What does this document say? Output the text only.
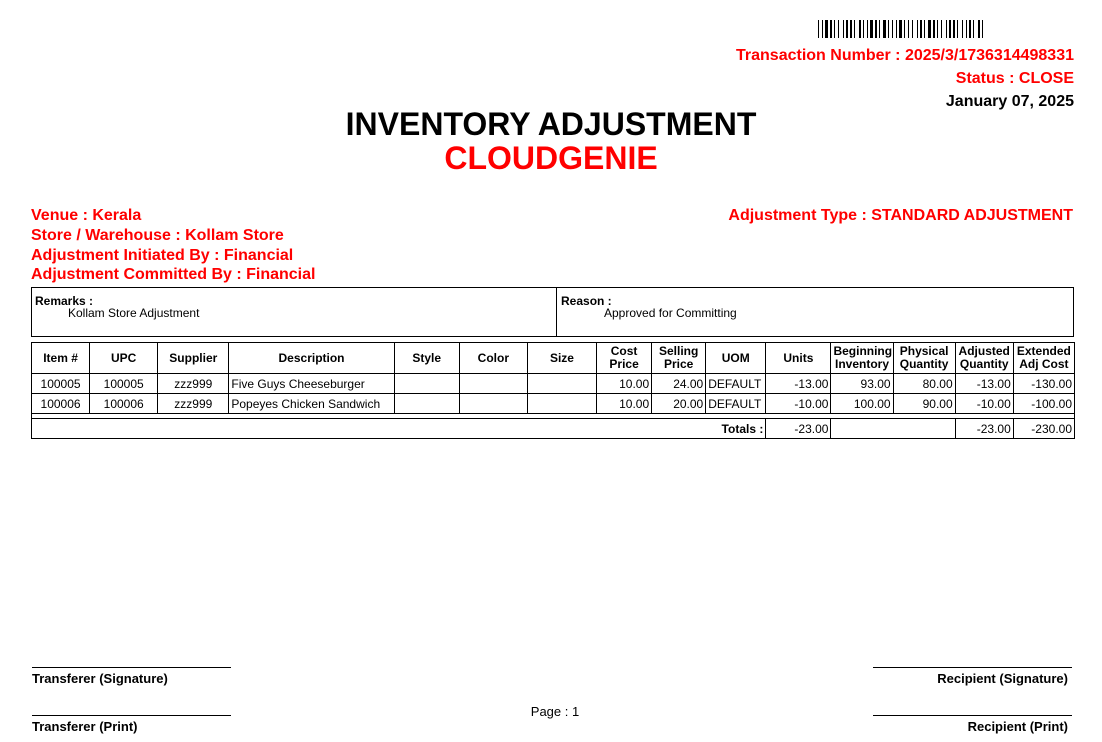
Transaction Number : 2025/3/1736314498331
Status : CLOSE
January 07, 2025
INVENTORY ADJUSTMENT
CLOUDGENIE
Venue : Kerala
Store / Warehouse : Kollam Store
Adjustment Initiated By : Financial
Adjustment Committed By : Financial
Adjustment Type : STANDARD ADJUSTMENT
Remarks :
Kollam Store Adjustment
Reason :
Approved for Committing
Item #	UPC	Supplier	Description	Style	Color	Size	Cost Price	Selling Price	UOM	Units	Beginning Inventory	Physical Quantity	Adjusted Quantity	Extended Adj Cost
100005	100005	zzz999	Five Guys Cheeseburger				10.00	24.00	DEFAULT	-13.00	93.00	80.00	-13.00	-130.00
100006	100006	zzz999	Popeyes Chicken Sandwich				10.00	20.00	DEFAULT	-10.00	100.00	90.00	-10.00	-100.00

Totals :										-23.00			-23.00	-230.00
Transferer (Signature)
Transferer (Print)
Recipient (Signature)
Recipient (Print)
Page : 1
